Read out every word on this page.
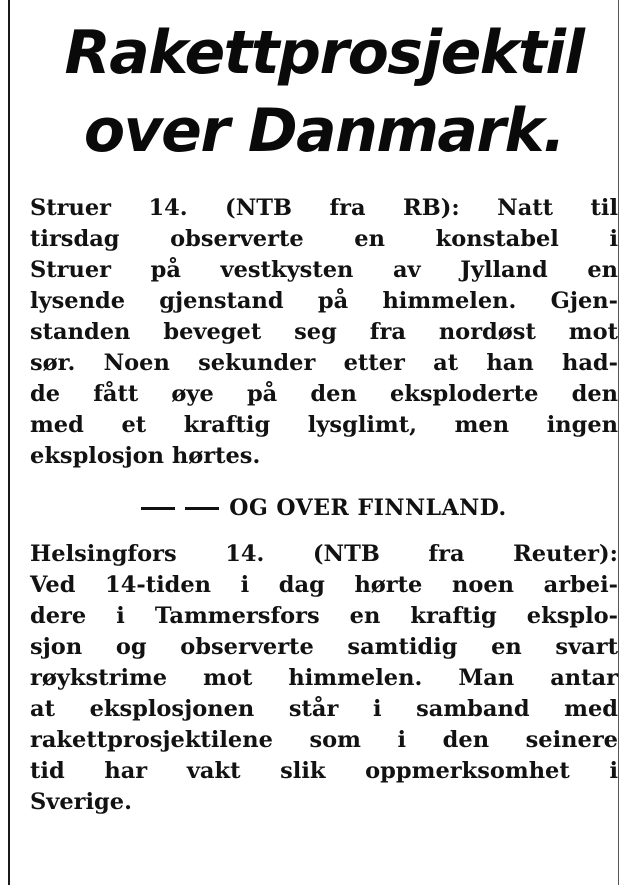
Rakettprosjektil
over Danmark.

Struer 14. (NTB fra RB): Natt til
tirsdag observerte en konstabel i
Struer på vestkysten av Jylland en
lysende gjenstand på himmelen. Gjen-
standen beveget seg fra nordøst mot
sør. Noen sekunder etter at han had-
de fått øye på den eksploderte den
med et kraftig lysglimt, men ingen
eksplosjon hørtes.

OG OVER FINNLAND.

Helsingfors 14. (NTB fra Reuter):
Ved 14-tiden i dag hørte noen arbei-
dere i Tammersfors en kraftig eksplo-
sjon og observerte samtidig en svart
røykstrime mot himmelen. Man antar
at eksplosjonen står i samband med
rakettprosjektilene som i den seinere
tid har vakt slik oppmerksomhet i
Sverige.
